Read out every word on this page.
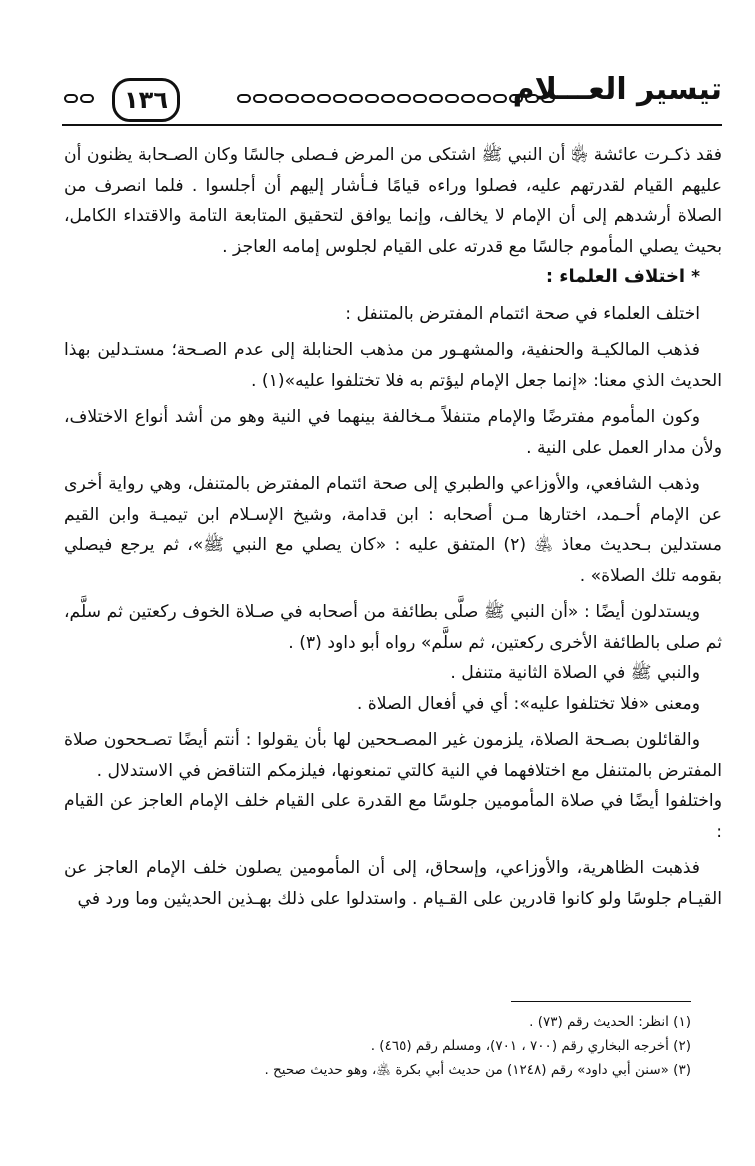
تيسير العـــلام
١٣٦

فقد ذكـرت عائشة ﵂ أن النبي ﷺ اشتكى من المرض فـصلى جالسًا وكان الصـحابة يظنون أن عليهم القيام لقدرتهم عليه، فصلوا وراءه قيامًا فـأشار إليهم أن أجلسوا . فلما انصرف من الصلاة أرشدهم إلى أن الإمام لا يخالف، وإنما يوافق لتحقيق المتابعة التامة والاقتداء الكامل، بحيث يصلي المأموم جالسًا مع قدرته على القيام لجلوس إمامه العاجز .

*اختلاف العلماء :

اختلف العلماء في صحة ائتمام المفترض بالمتنفل :

فذهب المالكيـة والحنفية، والمشهـور من مذهب الحنابلة إلى عدم الصـحة؛ مستـدلين بهذا الحديث الذي معنا: «إنما جعل الإمام ليؤتم به فلا تختلفوا عليه»(١) .

وكون المأموم مفترضًا والإمام متنفلاً مـخالفة بينهما في النية وهو من أشد أنواع الاختلاف، ولأن مدار العمل على النية .

وذهب الشافعي، والأوزاعي والطبري إلى صحة ائتمام المفترض بالمتنفل، وهي رواية أخرى عن الإمام أحـمد، اختارها مـن أصحابه : ابن قدامة، وشيخ الإسـلام ابن تيميـة وابن القيم مستدلين بـحديث معاذ ﵁ (٢) المتفق عليه : «كان يصلي مع النبي ﷺ»، ثم يرجع فيصلي بقومه تلك الصلاة» .

ويستدلون أيضًا : «أن النبي ﷺ صلَّى بطائفة من أصحابه في صـلاة الخوف ركعتين ثم سلَّم، ثم صلى بالطائفة الأخرى ركعتين، ثم سلَّم» رواه أبو داود (٣) .

والنبي ﷺ في الصلاة الثانية متنفل .

ومعنى «فلا تختلفوا عليه»: أي في أفعال الصلاة .

والقائلون بصـحة الصلاة، يلزمون غير المصـححين لها بأن يقولوا : أنتم أيضًا تصـححون صلاة المفترض بالمتنفل مع اختلافهما في النية كالتي تمنعونها، فيلزمكم التناقض في الاستدلال .

واختلفوا أيضًا في صلاة المأمومين جلوسًا مع القدرة على القيام خلف الإمام العاجز عن القيام :

فذهبت الظاهرية، والأوزاعي، وإسحاق، إلى أن المأمومين يصلون خلف الإمام العاجز عن القيـام جلوسًا ولو كانوا قادرين على القـيام . واستدلوا على ذلك بهـذين الحديثين وما ورد في

(١) انظر: الحديث رقم (٧٣) .
(٢) أخرجه البخاري رقم (٧٠٠ ، ٧٠١)، ومسلم رقم (٤٦٥) .
(٣) «سنن أبي داود» رقم (١٢٤٨) من حديث أبي بكرة ﵁، وهو حديث صحيح .
